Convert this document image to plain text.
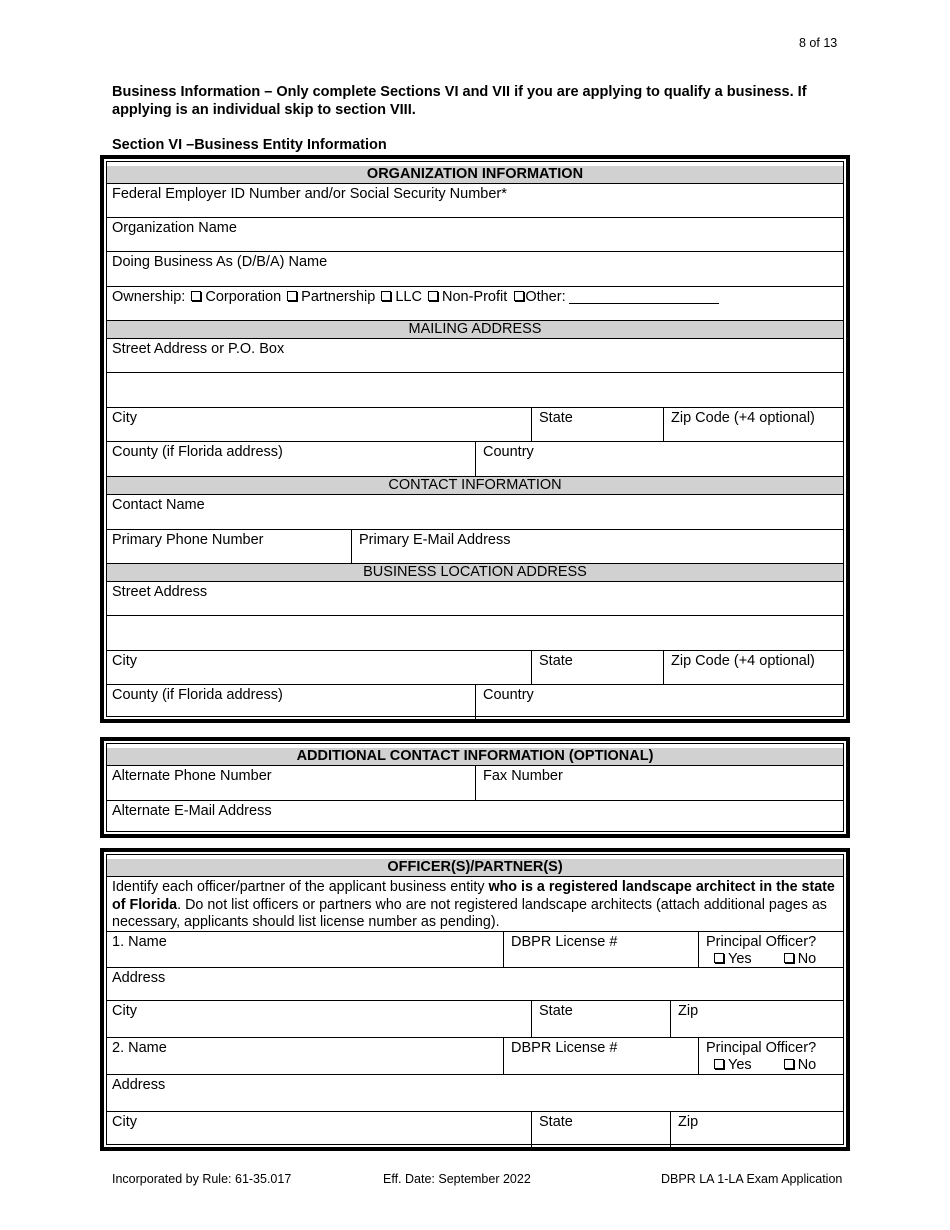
8 of 13
Business Information – Only complete Sections VI and VII if you are applying to qualify a business. If applying is an individual skip to section VIII.
Section VI –Business Entity Information
ORGANIZATION INFORMATION
Federal Employer ID Number and/or Social Security Number*
Organization Name
Doing Business As (D/B/A) Name
Ownership: Corporation Partnership LLC Non-Profit Other:
MAILING ADDRESS
Street Address or P.O. Box
City	State	Zip Code (+4 optional)
County (if Florida address)	Country
CONTACT INFORMATION
Contact Name
Primary Phone Number	Primary E-Mail Address
BUSINESS LOCATION ADDRESS
Street Address
City	State	Zip Code (+4 optional)
County (if Florida address)	Country
ADDITIONAL CONTACT INFORMATION (OPTIONAL)
Alternate Phone Number	Fax Number
Alternate E-Mail Address
OFFICER(S)/PARTNER(S)
Identify each officer/partner of the applicant business entity who is a registered landscape architect in the state of Florida. Do not list officers or partners who are not registered landscape architects (attach additional pages as necessary, applicants should list license number as pending).
1. Name	DBPR License #	Principal Officer?
Yes	No
Address
City	State	Zip
2. Name	DBPR License #	Principal Officer?
Yes	No
Address
City	State	Zip
Incorporated by Rule: 61-35.017	Eff. Date: September 2022	DBPR LA 1-LA Exam Application
